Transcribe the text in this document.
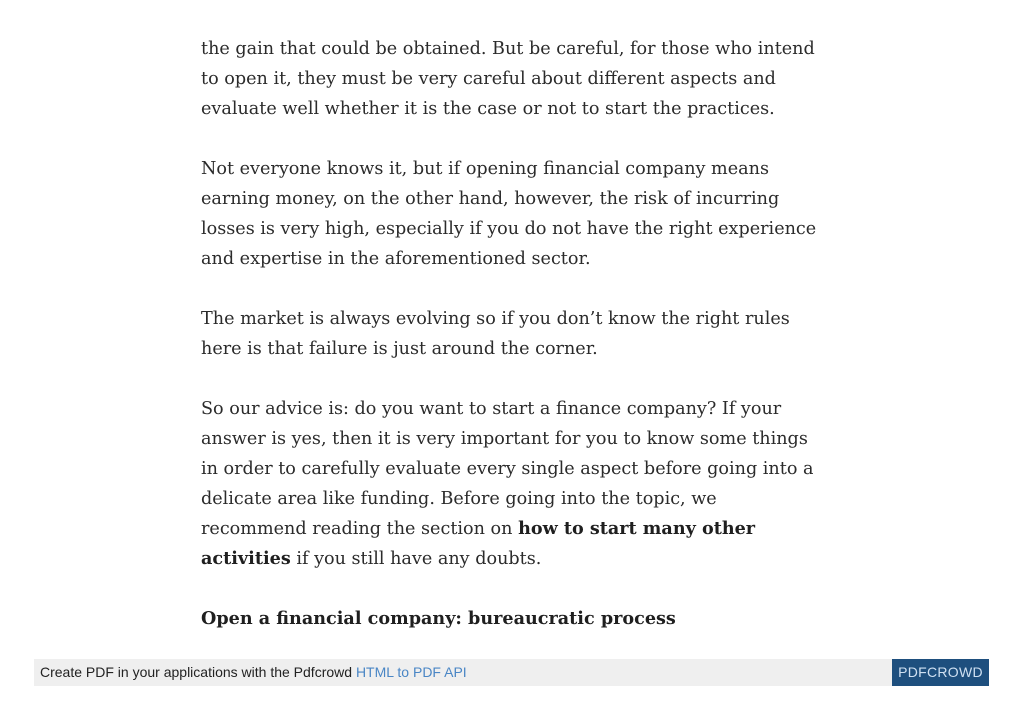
the gain that could be obtained. But be careful, for those who intend to open it, they must be very careful about different aspects and evaluate well whether it is the case or not to start the practices.

Not everyone knows it, but if opening financial company means earning money, on the other hand, however, the risk of incurring losses is very high, especially if you do not have the right experience and expertise in the aforementioned sector.

The market is always evolving so if you don’t know the right rules here is that failure is just around the corner.

So our advice is: do you want to start a finance company? If your answer is yes, then it is very important for you to know some things in order to carefully evaluate every single aspect before going into a delicate area like funding. Before going into the topic, we recommend reading the section on how to start many other activities if you still have any doubts.

Open a financial company: bureaucratic process
Create PDF in your applications with the Pdfcrowd HTML to PDF API	PDFCROWD
